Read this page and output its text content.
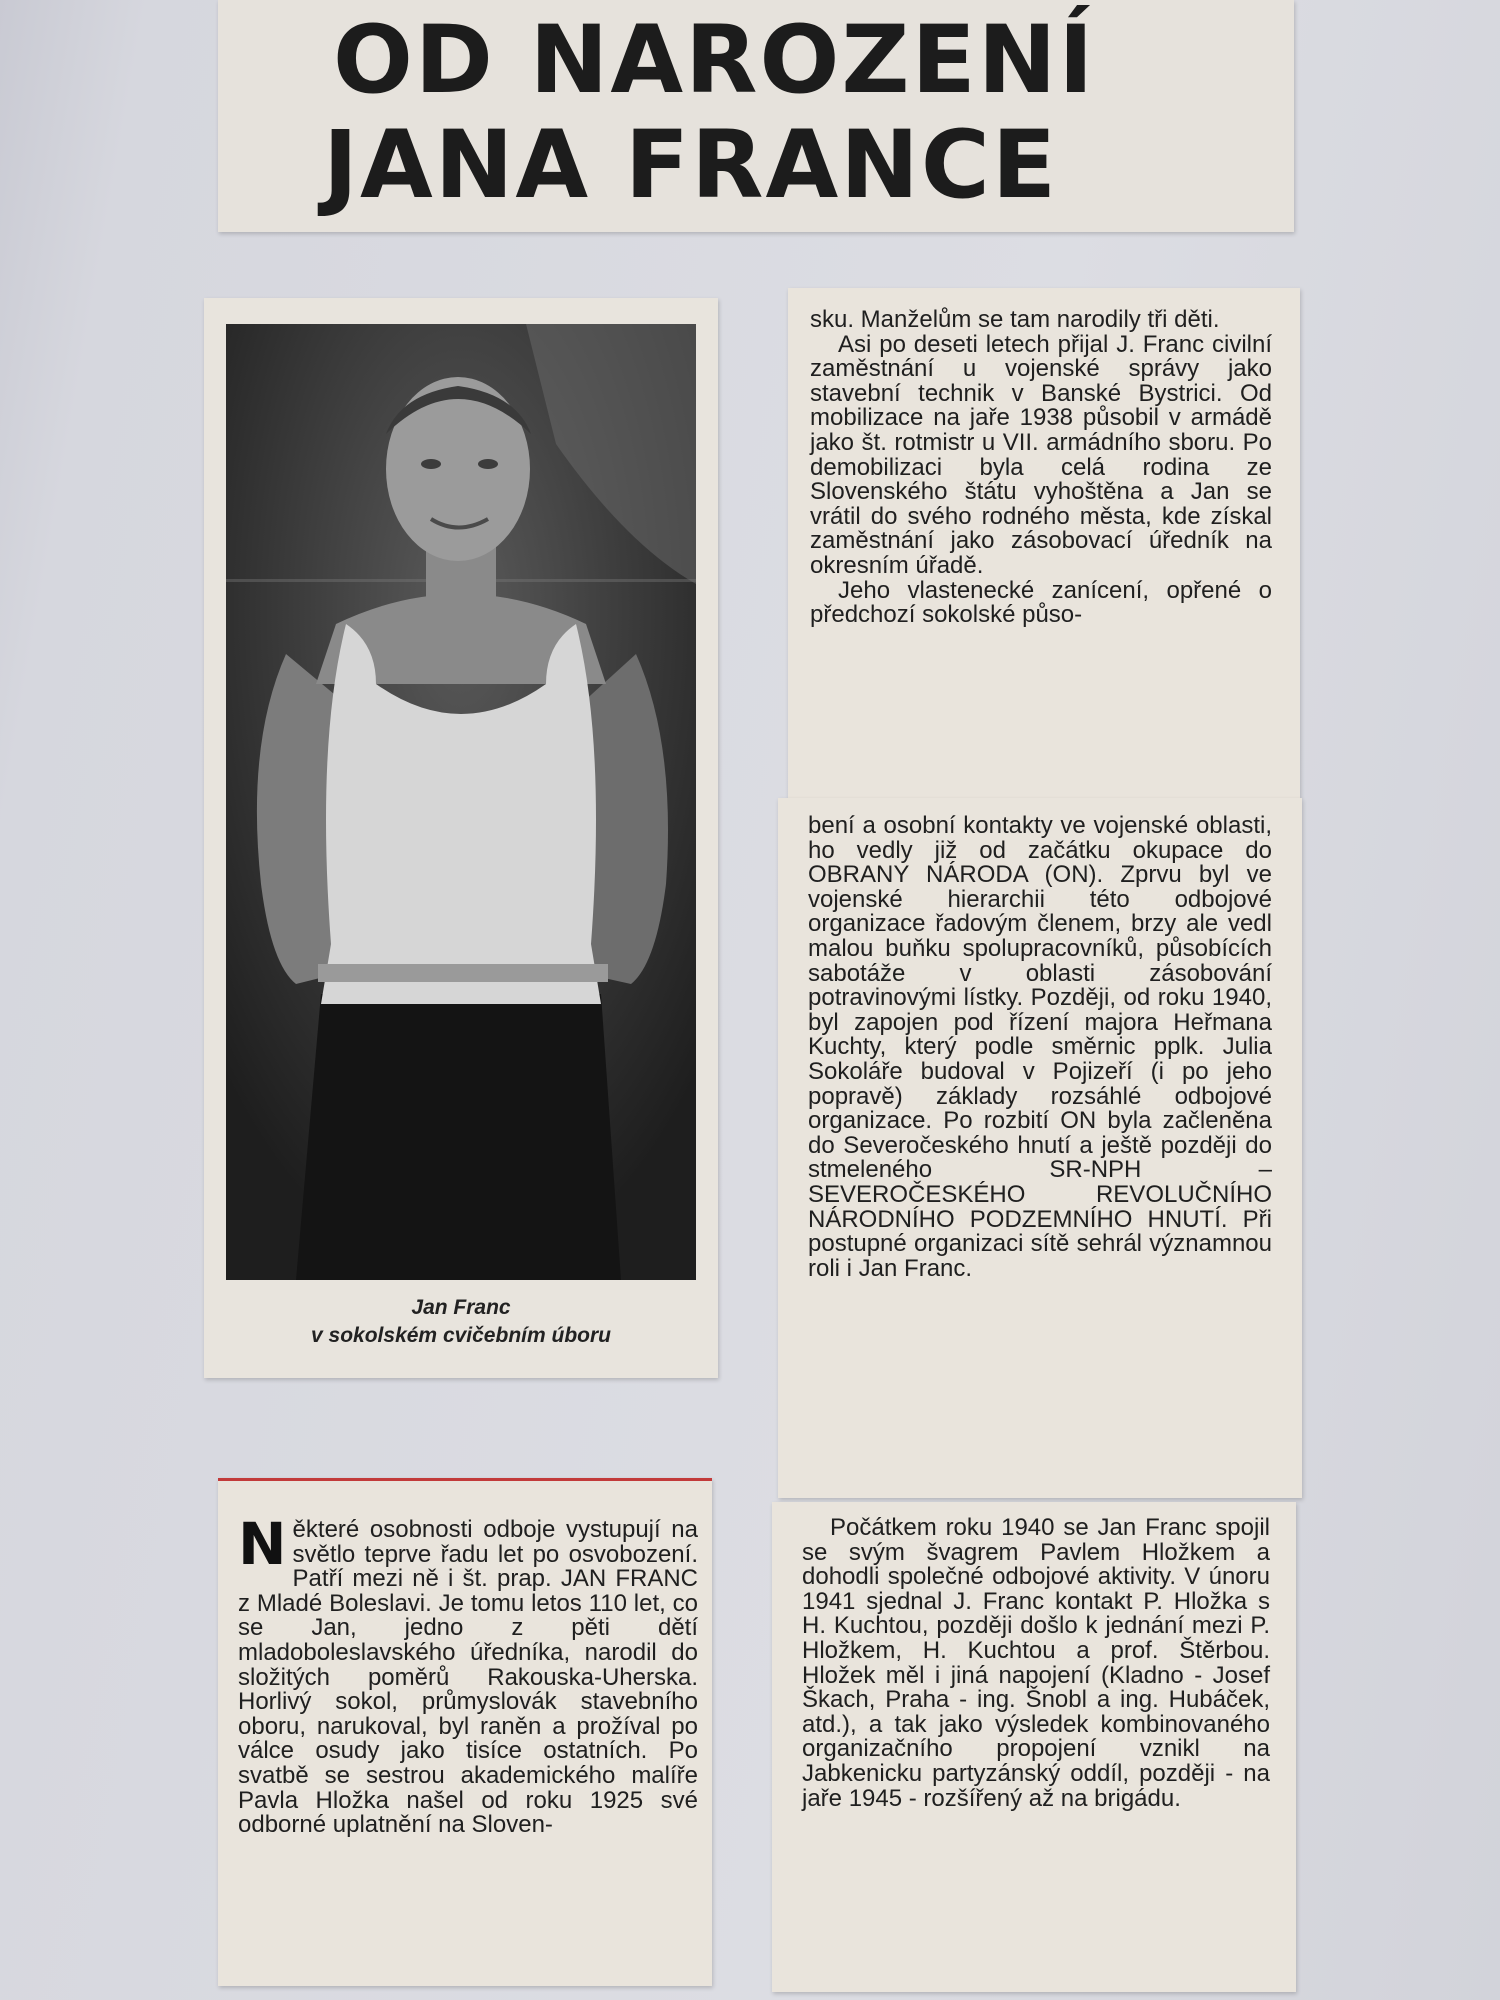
OD NAROZENÍ
JANA FRANCE
Jan Franc
v sokolském cvičebním úboru

sku. Manželům se tam narodily tři děti.

Asi po deseti letech přijal J. Franc civilní zaměstnání u vojenské správy jako stavební technik v Banské Bystrici. Od mobilizace na jaře 1938 působil v armádě jako št. rotmistr u VII. armádního sboru. Po demobilizaci byla celá rodina ze Slovenského štátu vyhoštěna a Jan se vrátil do svého rodného města, kde získal zaměstnání jako zásobovací úředník na okresním úřadě.

Jeho vlastenecké zanícení, opřené o předchozí sokolské půso-

bení a osobní kontakty ve vojenské oblasti, ho vedly již od začátku okupace do OBRANY NÁRODA (ON). Zprvu byl ve vojenské hierarchii této odbojové organizace řadovým členem, brzy ale vedl malou buňku spolupracovníků, působících sabotáže v oblasti zásobování potravinovými lístky. Později, od roku 1940, byl zapojen pod řízení majora Heřmana Kuchty, který podle směrnic pplk. Julia Sokoláře budoval v Pojizeří (i po jeho popravě) základy rozsáhlé odbojové organizace. Po rozbití ON byla začleněna do Severočeského hnutí a ještě později do stmeleného SR-NPH – SEVEROČESKÉHO REVOLUČNÍHO NÁRODNÍHO PODZEMNÍHO HNUTÍ. Při postupné organizaci sítě sehrál významnou roli i Jan Franc.

Počátkem roku 1940 se Jan Franc spojil se svým švagrem Pavlem Hložkem a dohodli společné odbojové aktivity. V únoru 1941 sjednal J. Franc kontakt P. Hložka s H. Kuchtou, později došlo k jednání mezi P. Hložkem, H. Kuchtou a prof. Štěrbou. Hložek měl i jiná napojení (Kladno - Josef Škach, Praha - ing. Šnobl a ing. Hubáček, atd.), a tak jako výsledek kombinovaného organizačního propojení vznikl na Jabkenicku partyzánský oddíl, později - na jaře 1945 - rozšířený až na brigádu.

Některé osobnosti odboje vystupují na světlo teprve řadu let po osvobození. Patří mezi ně i št. prap. JAN FRANC z Mladé Boleslavi. Je tomu letos 110 let, co se Jan, jedno z pěti dětí mladoboleslavského úředníka, narodil do složitých poměrů Rakouska-Uherska. Horlivý sokol, průmyslovák stavebního oboru, narukoval, byl raněn a prožíval po válce osudy jako tisíce ostatních. Po svatbě se sestrou akademického malíře Pavla Hložka našel od roku 1925 své odborné uplatnění na Sloven-
